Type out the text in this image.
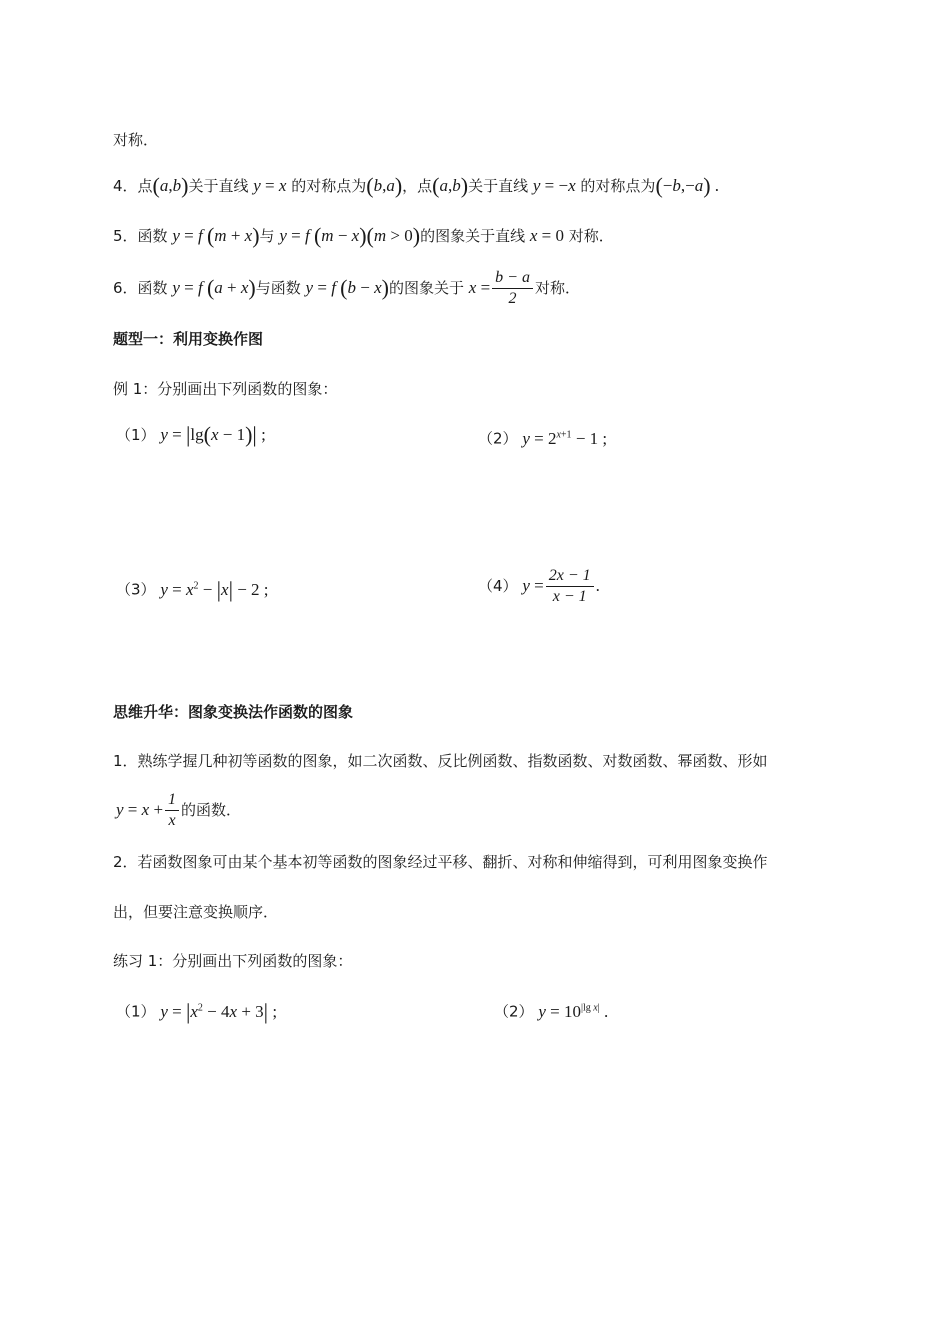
对称．
4．点(a,b)关于直线 y = x 的对称点为(b,a)，点(a,b)关于直线 y = −x 的对称点为(−b,−a) .
5．函数 y = f (m + x)与 y = f (m − x)(m > 0)的图象关于直线 x = 0 对称．
6．函数 y = f (a + x)与函数 y = f (b − x)的图象关于 $x = \frac{b - a}{2}$ 对称．
题型一：利用变换作图
例 1：分别画出下列函数的图象：
（1） y = |lg(x − 1)| ;	（2） $y = 2^{x+1} - 1$ ;
（3） $y = x^2 - |x| - 2$ ;	（4） $y = \frac{2x - 1}{x - 1}$ .
思维升华：图象变换法作函数的图象
1．熟练学握几种初等函数的图象，如二次函数、反比例函数、指数函数、对数函数、幂函数、形如
$y = x + \frac{1}{x}$ 的函数．
2．若函数图象可由某个基本初等函数的图象经过平移、翻折、对称和伸缩得到，可利用图象变换作
出，但要注意变换顺序．
练习 1：分别画出下列函数的图象：
（1） $y = |x^2 - 4x + 3|$ ;	（2） $y = 10^{|lg x|}$ .
